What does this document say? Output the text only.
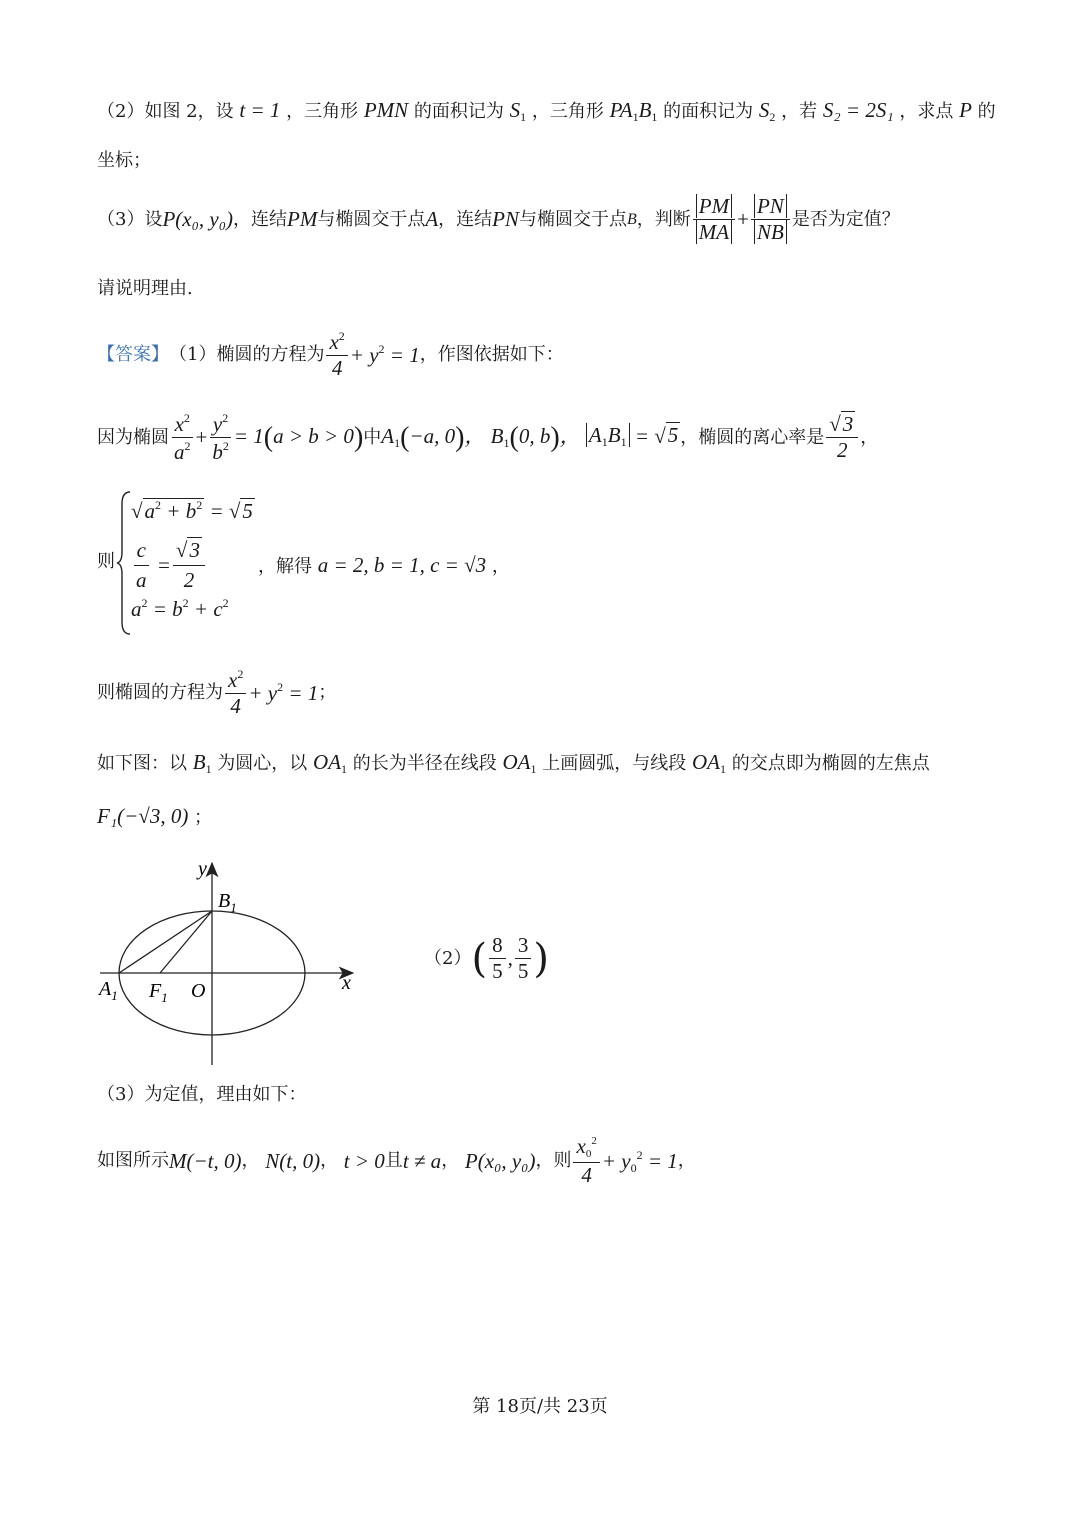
（2）如图 2，设 t = 1 ，三角形 PMN 的面积记为 $S_1$ ，三角形 $PA_1B_1$ 的面积记为 $S_2$ ，若 S₂ = 2S₁ ，求点 P 的
坐标；
（3）设 P(x₀, y₀) ，连结 PM 与椭圆交于点 A ，连结 PN 与椭圆交于点 B ，判断 $\frac{PM}{MA} + \frac{PN}{NB}$ 是否为定值？
请说明理由.
【答案】 （1）椭圆的方程为 $\frac{x^2}{4} + y^2 = 1$ ，作图依据如下：
因为椭圆 $\frac{x^2}{a^2} + \frac{y^2}{b^2} = 1(a > b > 0)$ 中 $A_1(-a$, 0)， $B_1(0$, b)， $A_1B_1 = √5$ ，椭圆的离心率是 $\frac{√3}{2}$ ，
则
$√a^2 + b^2 = √5$
$\frac{c}{a} = \frac{√3}{2}$
$a^2 = b^2 + c^2$
，解得 a = 2, b = 1, c = √3 ，
则椭圆的方程为 $\frac{x^2}{4} + y^2 = 1$ ；
如下图：以 $B_1$ 为圆心，以 $OA_1$ 的长为半径在线段 $OA_1$ 上画圆弧，与线段 $OA_1$ 的交点即为椭圆的左焦点
F₁(−√3, 0) ；
y
x
$B_1$
$A_1$ $F_1$ O
（2） ( $\frac{8}{5}$ , $\frac{3}{5}$ )
（3）为定值，理由如下：
如图所示 M(−t, 0) ， N(t, 0) ， t > 0 且 t ≠ a ， P(x₀, y₀) ，则 $\frac{x_0^2}{4} + y_0^2 = 1$ ，
第 18页/共 23页
